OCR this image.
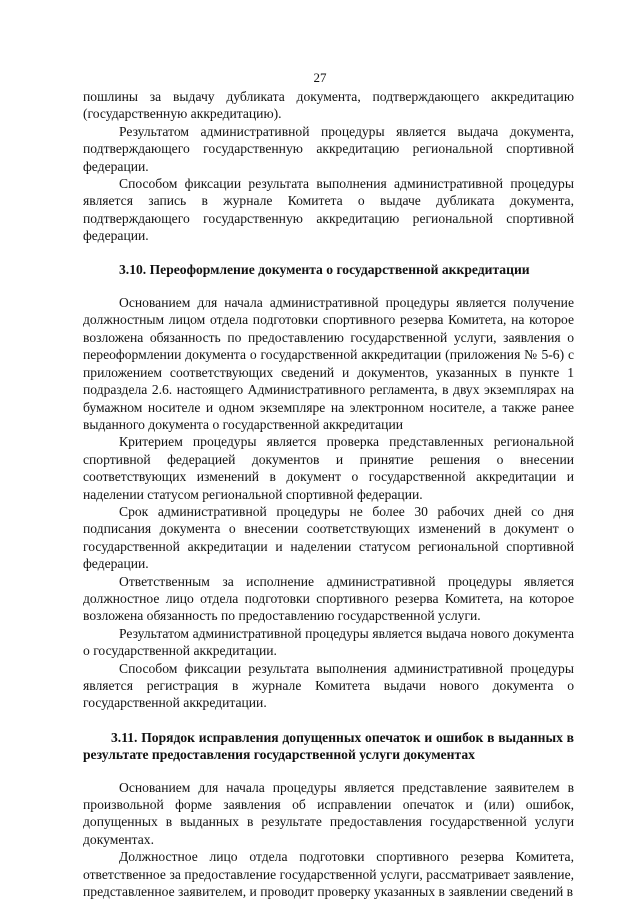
27

пошлины за выдачу дубликата документа, подтверждающего аккредитацию (государственную аккредитацию).

Результатом административной процедуры является выдача документа, подтверждающего государственную аккредитацию региональной спортивной федерации.

Способом фиксации результата выполнения административной процедуры является запись в журнале Комитета о выдаче дубликата документа, подтверждающего государственную аккредитацию региональной спортивной федерации.

3.10. Переоформление документа о государственной аккредитации

Основанием для начала административной процедуры является получение должностным лицом отдела подготовки спортивного резерва Комитета, на которое возложена обязанность по предоставлению государственной услуги, заявления о переоформлении документа о государственной аккредитации (приложения № 5-6) с приложением соответствующих сведений и документов, указанных в пункте 1 подраздела 2.6. настоящего Административного регламента, в двух экземплярах на бумажном носителе и одном экземпляре на электронном носителе, а также ранее выданного документа о государственной аккредитации

Критерием процедуры является проверка представленных региональной спортивной федерацией документов и принятие решения о внесении соответствующих изменений в документ о государственной аккредитации и наделении статусом региональной спортивной федерации.

Срок административной процедуры не более 30 рабочих дней со дня подписания документа о внесении соответствующих изменений в документ о государственной аккредитации и наделении статусом региональной спортивной федерации.

Ответственным за исполнение административной процедуры является должностное лицо отдела подготовки спортивного резерва Комитета, на которое возложена обязанность по предоставлению государственной услуги.

Результатом административной процедуры является выдача нового документа о государственной аккредитации.

Способом фиксации результата выполнения административной процедуры является регистрация в журнале Комитета выдачи нового документа о государственной аккредитации.

3.11. Порядок исправления допущенных опечаток и ошибок в выданных в результате предоставления государственной услуги документах

Основанием для начала процедуры является представление заявителем в произвольной форме заявления об исправлении опечаток и (или) ошибок, допущенных в выданных в результате предоставления государственной услуги документах.

Должностное лицо отдела подготовки спортивного резерва Комитета, ответственное за предоставление государственной услуги, рассматривает заявление, представленное заявителем, и проводит проверку указанных в заявлении сведений в
